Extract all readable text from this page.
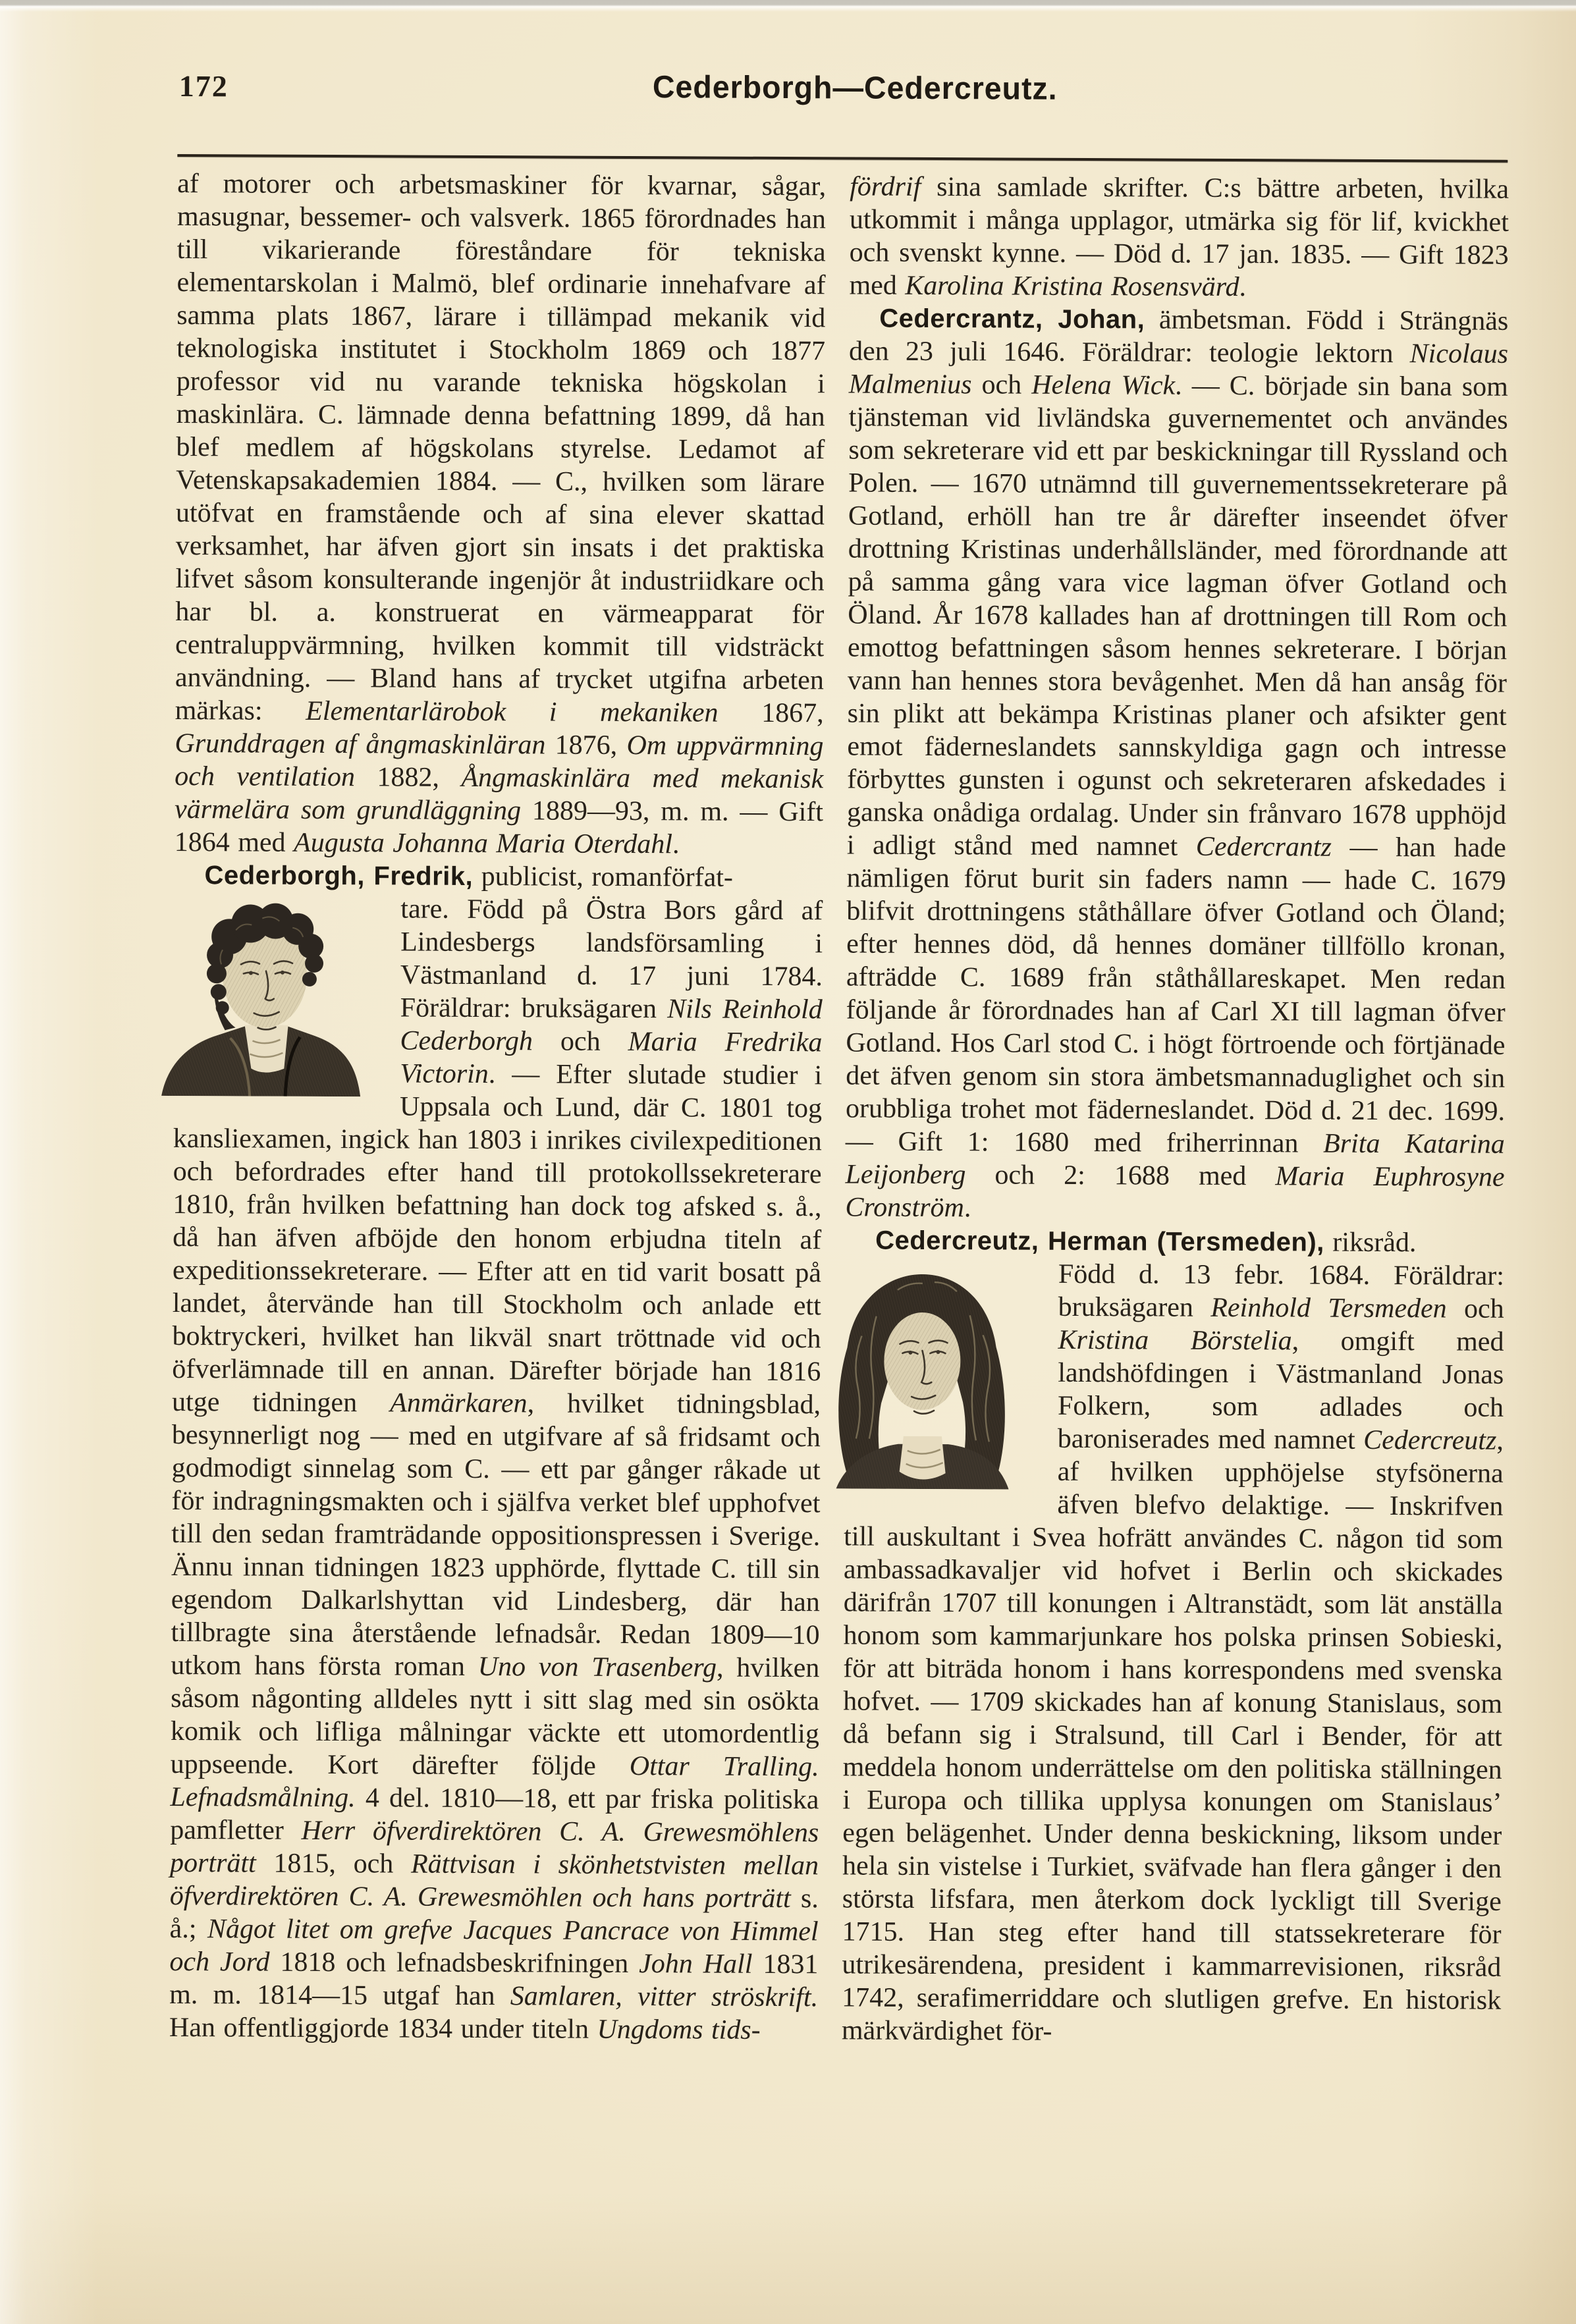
172	Cederborgh—Cedercreutz.

af motorer och arbetsmaskiner för kvarnar, sågar, masugnar, bessemer- och valsverk. 1865 förordnades han till vikarierande föreståndare för tekniska elementarskolan i Malmö, blef ordinarie innehafvare af samma plats 1867, lärare i tillämpad mekanik vid teknologiska institutet i Stockholm 1869 och 1877 professor vid nu varande tekniska högskolan i maskinlära. C. lämnade denna befattning 1899, då han blef medlem af högskolans styrelse. Ledamot af Vetenskapsakademien 1884. — C., hvilken som lärare utöfvat en framstående och af sina elever skattad verksamhet, har äfven gjort sin insats i det praktiska lifvet såsom konsulterande ingenjör åt industriidkare och har bl. a. konstruerat en värmeapparat för centraluppvärmning, hvilken kommit till vidsträckt användning. — Bland hans af trycket utgifna arbeten märkas: Elementarlärobok i mekaniken 1867, Grunddragen af ångmaskinläran 1876, Om uppvärmning och ventilation 1882, Ångmaskinlära med mekanisk värmelära som grundläggning 1889—93, m. m. — Gift 1864 med Augusta Johanna Maria Oterdahl.

Cederborgh, Fredrik, publicist, romanförfat-

tare. Född på Östra Bors gård af Lindesbergs landsförsamling i Västmanland d. 17 juni 1784. Föräldrar: bruksägaren Nils Reinhold Cederborgh och Maria Fredrika Victorin. — Efter slutade studier i Uppsala och Lund, där C. 1801 tog kansliexamen, ingick han 1803 i inrikes civilexpeditionen och befordrades efter hand till protokollssekreterare 1810, från hvilken befattning han dock tog afsked s. å., då han äfven afböjde den honom erbjudna titeln af expeditionssekreterare. — Efter att en tid varit bosatt på landet, återvände han till Stockholm och anlade ett boktryckeri, hvilket han likväl snart tröttnade vid och öfverlämnade till en annan. Därefter började han 1816 utge tidningen Anmärkaren, hvilket tidningsblad, besynnerligt nog — med en utgifvare af så fridsamt och godmodigt sinnelag som C. — ett par gånger råkade ut för indragningsmakten och i själfva verket blef upphofvet till den sedan framträdande oppositionspressen i Sverige. Ännu innan tidningen 1823 upphörde, flyttade C. till sin egendom Dalkarlshyttan vid Lindesberg, där han tillbragte sina återstående lefnadsår. Redan 1809—10 utkom hans första roman Uno von Trasenberg, hvilken såsom någonting alldeles nytt i sitt slag med sin osökta komik och lifliga målningar väckte ett utomordentlig uppseende. Kort därefter följde Ottar Tralling. Lefnadsmålning. 4 del. 1810—18, ett par friska politiska pamfletter Herr öfverdirektören C. A. Grewesmöhlens porträtt 1815, och Rättvisan i skönhetstvisten mellan öfverdirektören C. A. Grewesmöhlen och hans porträtt s. å.; Något litet om grefve Jacques Pancrace von Himmel och Jord 1818 och lefnadsbeskrifningen John Hall 1831 m. m. 1814—15 utgaf han Samlaren, vitter ströskrift. Han offentliggjorde 1834 under titeln Ungdoms tids-

fördrif sina samlade skrifter. C:s bättre arbeten, hvilka utkommit i många upplagor, utmärka sig för lif, kvickhet och svenskt kynne. — Död d. 17 jan. 1835. — Gift 1823 med Karolina Kristina Rosensvärd.

Cedercrantz, Johan, ämbetsman. Född i Strängnäs den 23 juli 1646. Föräldrar: teologie lektorn Nicolaus Malmenius och Helena Wick. — C. började sin bana som tjänsteman vid livländska guvernementet och användes som sekreterare vid ett par beskickningar till Ryssland och Polen. — 1670 utnämnd till guvernementssekreterare på Gotland, erhöll han tre år därefter inseendet öfver drottning Kristinas underhållsländer, med förordnande att på samma gång vara vice lagman öfver Gotland och Öland. År 1678 kallades han af drottningen till Rom och emottog befattningen såsom hennes sekreterare. I början vann han hennes stora bevågenhet. Men då han ansåg för sin plikt att bekämpa Kristinas planer och afsikter gent emot fäderneslandets sannskyldiga gagn och intresse förbyttes gunsten i ogunst och sekreteraren afskedades i ganska onådiga ordalag. Under sin frånvaro 1678 upphöjd i adligt stånd med namnet Cedercrantz — han hade nämligen förut burit sin faders namn — hade C. 1679 blifvit drottningens ståthållare öfver Gotland och Öland; efter hennes död, då hennes domäner tillföllo kronan, afträdde C. 1689 från ståthållareskapet. Men redan följande år förordnades han af Carl XI till lagman öfver Gotland. Hos Carl stod C. i högt förtroende och förtjänade det äfven genom sin stora ämbetsmannaduglighet och sin orubbliga trohet mot fäderneslandet. Död d. 21 dec. 1699. — Gift 1: 1680 med friherrinnan Brita Katarina Leijonberg och 2: 1688 med Maria Euphrosyne Cronström.

Cedercreutz, Herman (Tersmeden), riksråd.

Född d. 13 febr. 1684. Föräldrar: bruksägaren Reinhold Tersmeden och Kristina Börstelia, omgift med landshöfdingen i Västmanland Jonas Folkern, som adlades och baroniserades med namnet Cedercreutz, af hvilken upphöjelse styfsönerna äfven blefvo delaktige. — Inskrifven till auskultant i Svea hofrätt användes C. någon tid som ambassadkavaljer vid hofvet i Berlin och skickades därifrån 1707 till konungen i Altranstädt, som lät anställa honom som kammarjunkare hos polska prinsen Sobieski, för att biträda honom i hans korrespondens med svenska hofvet. — 1709 skickades han af konung Stanislaus, som då befann sig i Stralsund, till Carl i Bender, för att meddela honom underrättelse om den politiska ställningen i Europa och tillika upplysa konungen om Stanislaus’ egen belägenhet. Under denna beskickning, liksom under hela sin vistelse i Turkiet, sväfvade han flera gånger i den största lifsfara, men återkom dock lyckligt till Sverige 1715. Han steg efter hand till statssekreterare för utrikesärendena, president i kammarrevisionen, riksråd 1742, serafimerriddare och slutligen grefve. En historisk märkvärdighet för-
